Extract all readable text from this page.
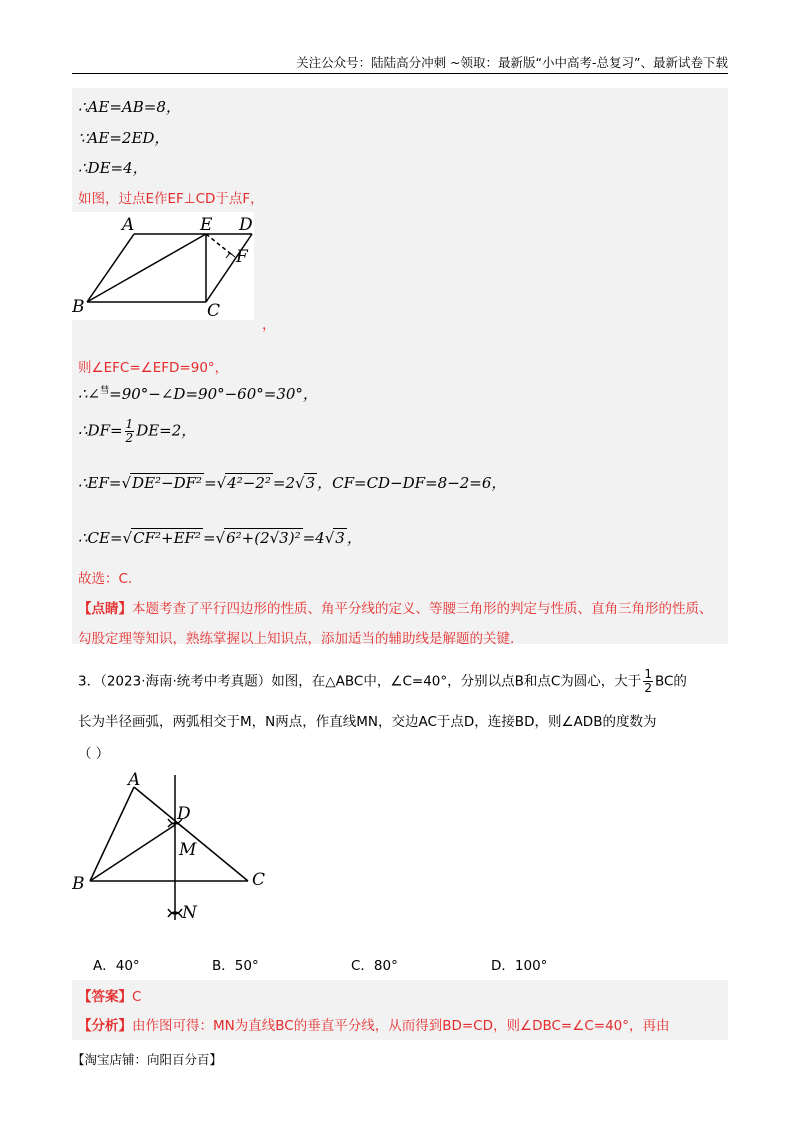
关注公众号：陆陆高分冲刺 ~领取：最新版“小中高考-总复习”、最新试卷下载
∴AE=AB=8，
∵AE=2ED，
∴DE=4，
如图，过点E作EF⊥CD于点F，
A	E D
F
B	C
，
则∠EFC=∠EFD=90°，
∴∠$^彗$=90°−∠D=90°−60°=30°，
∴DF= $\frac{1}{2} DE=2$，
∴EF=√DE²−DF² =√4²−2² =2√3 ，CF=CD−DF=8−2=6，
∴CE=√CF²+EF² =√6²+(2√3)² =4√3 ，
故选：C.
【点睛】本题考查了平行四边形的性质、角平分线的定义、等腰三角形的判定与性质、直角三角形的性质、
勾股定理等知识，熟练掌握以上知识点，添加适当的辅助线是解题的关键.
3．（2023·海南·统考中考真题）如图，在△ABC中，∠C=40°，分别以点B和点C为圆心，大于 $\frac{1}{2}$ BC的
长为半径画弧，两弧相交于M，N两点，作直线MN，交边AC于点D，连接BD，则∠ADB的度数为
（ ）
A
D
M
B	C
N
A．40°	B．50°	C．80°	D．100°
【答案】C
【分析】由作图可得：MN为直线BC的垂直平分线，从而得到BD=CD，则∠DBC=∠C=40°，再由
【淘宝店铺：向阳百分百】
